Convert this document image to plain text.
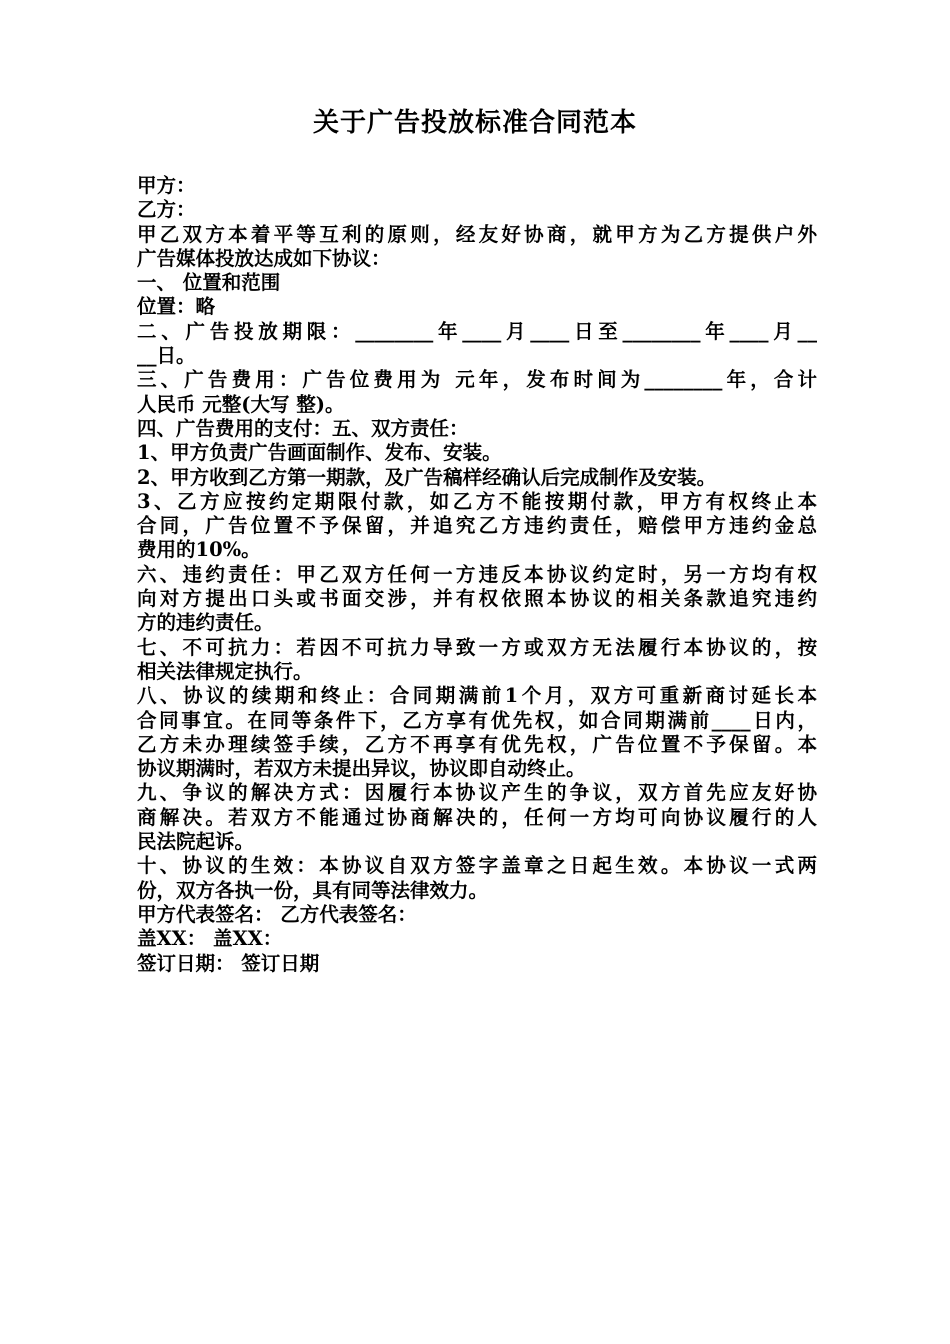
关于广告投放标准合同范本
甲方：
乙方：
甲乙双方本着平等互利的原则，经友好协商，就甲方为乙方提供户外
广告媒体投放达成如下协议：
一、 位置和范围
位置：略
二、广告投放期限：________年____月____日至________年____月__
__日。
三、广告费用：广告位费用为 元年，发布时间为________年，合计
人民币 元整(大写 整)。
四、广告费用的支付：五、双方责任：
1、甲方负责广告画面制作、发布、安装。
2、甲方收到乙方第一期款，及广告稿样经确认后完成制作及安装。
3、乙方应按约定期限付款，如乙方不能按期付款，甲方有权终止本
合同，广告位置不予保留，并追究乙方违约责任，赔偿甲方违约金总
费用的10%。
六、违约责任：甲乙双方任何一方违反本协议约定时，另一方均有权
向对方提出口头或书面交涉，并有权依照本协议的相关条款追究违约
方的违约责任。
七、不可抗力：若因不可抗力导致一方或双方无法履行本协议的，按
相关法律规定执行。
八、协议的续期和终止：合同期满前1个月，双方可重新商讨延长本
合同事宜。在同等条件下，乙方享有优先权，如合同期满前____日内，
乙方未办理续签手续，乙方不再享有优先权，广告位置不予保留。本
协议期满时，若双方未提出异议，协议即自动终止。
九、争议的解决方式：因履行本协议产生的争议，双方首先应友好协
商解决。若双方不能通过协商解决的，任何一方均可向协议履行的人
民法院起诉。
十、协议的生效：本协议自双方签字盖章之日起生效。本协议一式两
份，双方各执一份，具有同等法律效力。
甲方代表签名： 乙方代表签名：
盖XX： 盖XX：
签订日期： 签订日期
